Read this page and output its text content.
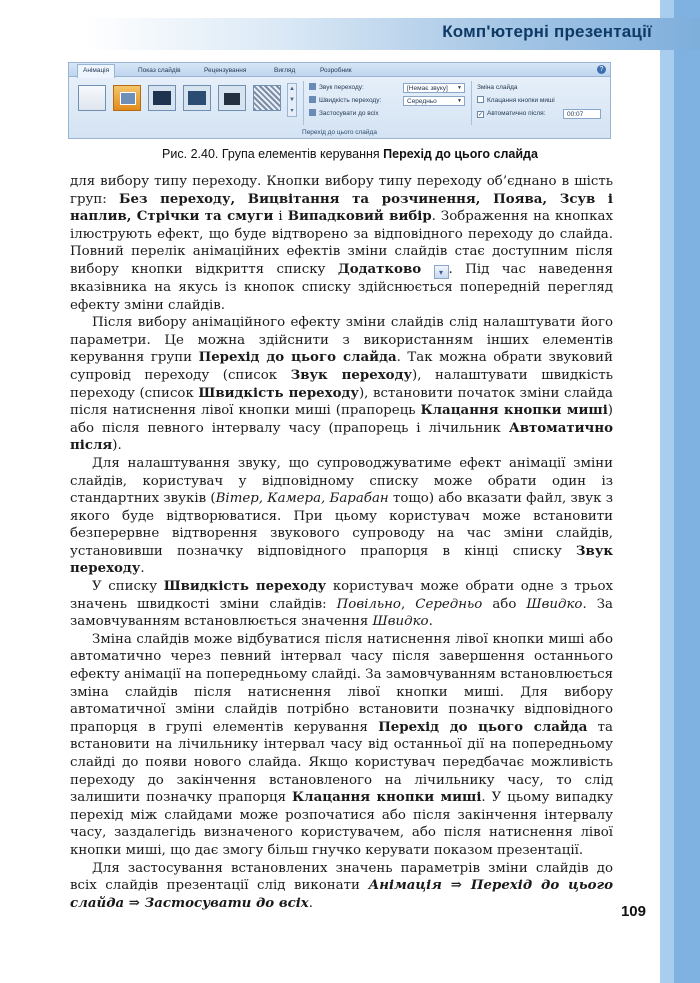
Комп'ютерні презентації
Анімація	Показ слайдів	Рецензування	Вигляд	Розробник	?
▲
▼
▾
Звук переходу:	[Немає звуку] ▼
Швидкість переходу:	Середньо	▼
Застосувати до всіх
Зміна слайда
Клацання кнопки миші
✓ Автоматично після:	00:07
Перехід до цього слайда
Рис. 2.40. Група елементів керування Перехід до цього слайда

для вибору типу переходу. Кнопки вибору типу переходу об’єднано в шість груп: Без переходу, Вицвітання та розчинення, Поява, Зсув і наплив, Стрічки та смуги і Випадковий вибір. Зображення на кнопках ілюструють ефект, що буде відтворено за відповідного переходу до слайда. Повний перелік анімаційних ефектів зміни слайдів стає доступним після вибору кнопки відкриття списку Додатково ▾ . Під час наведення вказівника на якусь із кнопок списку здійснюється попередній перегляд ефекту зміни слайдів.

Після вибору анімаційного ефекту зміни слайдів слід налаштувати його параметри. Це можна здійснити з використанням інших елементів керування групи Перехід до цього слайда. Так можна обрати звуковий супровід переходу (список Звук переходу), налаштувати швидкість переходу (список Швидкість переходу), встановити початок зміни слайда після натиснення лівої кнопки миші (прапорець Клацання кнопки миші) або після певного інтервалу часу (прапорець і лічильник Автоматично після).

Для налаштування звуку, що супроводжуватиме ефект анімації зміни слайдів, користувач у відповідному списку може обрати один із стандартних звуків (Вітер, Камера, Барабан тощо) або вказати файл, звук з якого буде відтворюватися. При цьому користувач може встановити безперервне відтворення звукового супроводу на час зміни слайдів, установивши позначку відповідного прапорця в кінці списку Звук переходу.

У списку Швидкість переходу користувач може обрати одне з трьох значень швидкості зміни слайдів: Повільно, Середньо або Швидко. За замовчуванням встановлюється значення Швидко.

Зміна слайдів може відбуватися після натиснення лівої кнопки миші або автоматично через певний інтервал часу після завершення останнього ефекту анімації на попередньому слайді. За замовчуванням встановлюється зміна слайдів після натиснення лівої кнопки миші. Для вибору автоматичної зміни слайдів потрібно встановити позначку відповідного прапорця в групі елементів керування Перехід до цього слайда та встановити на лічильнику інтервал часу від останньої дії на попередньому слайді до появи нового слайда. Якщо користувач передбачає можливість переходу до закінчення встановленого на лічильнику часу, то слід залишити позначку прапорця Клацання кнопки миші. У цьому випадку перехід між слайдами може розпочатися або після закінчення інтервалу часу, заздалегідь визначеного користувачем, або після натиснення лівої кнопки миші, що дає змогу більш гнучко керувати показом презентації.

Для застосування встановлених значень параметрів зміни слайдів до всіх слайдів презентації слід виконати Анімація ⇒ Перехід до цього слайда ⇒ Застосувати до всіх.	109
